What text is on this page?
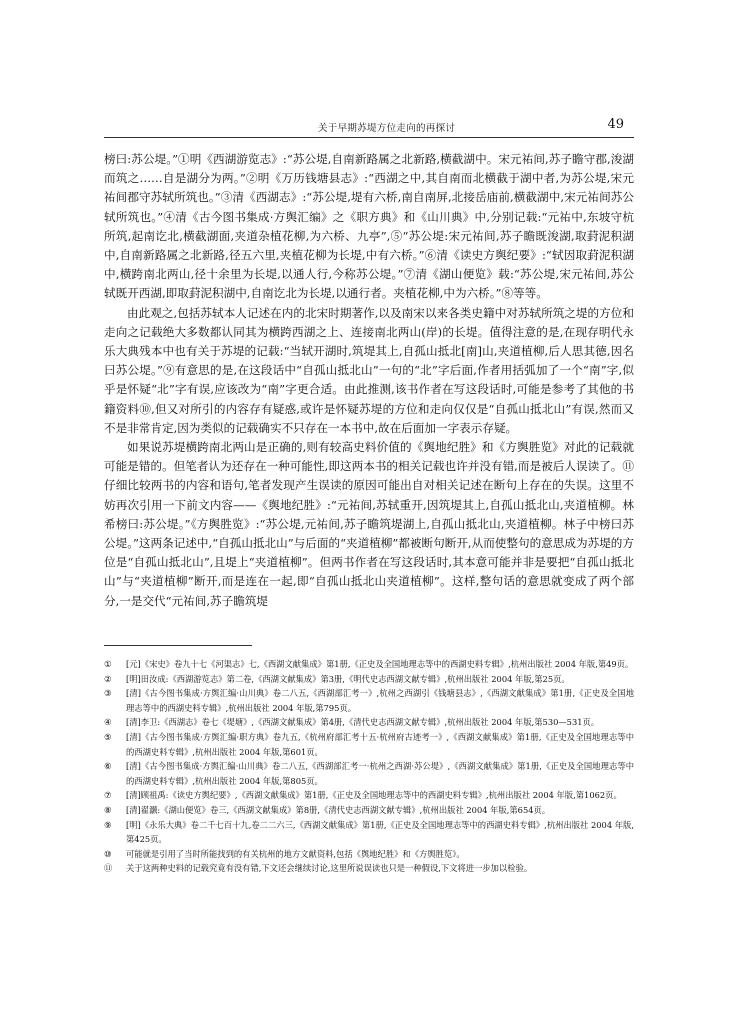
关于早期苏堤方位走向的再探讨	49

榜曰:苏公堤。”①明《西湖游览志》:“苏公堤,自南新路属之北新路,横截湖中。宋元祐间,苏子瞻守郡,浚湖而筑之……自是湖分为两。”②明《万历钱塘县志》:“西湖之中,其自南而北横截于湖中者,为苏公堤,宋元祐间郡守苏轼所筑也。”③清《西湖志》:“苏公堤,堤有六桥,南自南屏,北接岳庙前,横截湖中,宋元祐间苏公轼所筑也。”④清《古今图书集成·方舆汇编》之《职方典》和《山川典》中,分别记载:“元祐中,东坡守杭所筑,起南讫北,横截湖面,夹道杂植花柳,为六桥、九亭”,⑤“苏公堤:宋元祐间,苏子瞻既浚湖,取葑泥积湖中,自南新路属之北新路,径五六里,夹植花柳为长堤,中有六桥。”⑥清《读史方舆纪要》:“轼因取葑泥积湖中,横跨南北两山,径十余里为长堤,以通人行,今称苏公堤。”⑦清《湖山便览》载:“苏公堤,宋元祐间,苏公轼既开西湖,即取葑泥积湖中,自南讫北为长堤,以通行者。夹植花柳,中为六桥。”⑧等等。

由此观之,包括苏轼本人记述在内的北宋时期著作,以及南宋以来各类史籍中对苏轼所筑之堤的方位和走向之记载绝大多数都认同其为横跨西湖之上、连接南北两山(岸)的长堤。值得注意的是,在现存明代永乐大典残本中也有关于苏堤的记载:“当轼开湖时,筑堤其上,自孤山抵北[南]山,夹道植柳,后人思其德,因名曰苏公堤。”⑨有意思的是,在这段话中“自孤山抵北山”一句的“北”字后面,作者用括弧加了一个“南”字,似乎是怀疑“北”字有误,应该改为“南”字更合适。由此推测,该书作者在写这段话时,可能是参考了其他的书籍资料⑩,但又对所引的内容存有疑惑,或许是怀疑苏堤的方位和走向仅仅是“自孤山抵北山”有误,然而又不是非常肯定,因为类似的记载确实不只存在一本书中,故在后面加一字表示存疑。

如果说苏堤横跨南北两山是正确的,则有较高史料价值的《舆地纪胜》和《方舆胜览》对此的记载就可能是错的。但笔者认为还存在一种可能性,即这两本书的相关记载也许并没有错,而是被后人误读了。⑪ 仔细比较两书的内容和语句,笔者发现产生误读的原因可能出自对相关记述在断句上存在的失误。这里不妨再次引用一下前文内容——《舆地纪胜》:“元祐间,苏轼重开,因筑堤其上,自孤山抵北山,夹道植柳。林希榜曰:苏公堤。”《方舆胜览》:“苏公堤,元祐间,苏子瞻筑堤湖上,自孤山抵北山,夹道植柳。林子中榜曰苏公堤。”这两条记述中,“自孤山抵北山”与后面的“夹道植柳”都被断句断开,从而使整句的意思成为苏堤的方位是“自孤山抵北山”,且堤上“夹道植柳”。但两书作者在写这段话时,其本意可能并非是要把“自孤山抵北山”与“夹道植柳”断开,而是连在一起,即“自孤山抵北山夹道植柳”。这样,整句话的意思就变成了两个部分,一是交代“元祐间,苏子瞻筑堤

①	[元]《宋史》卷九十七《河渠志》七,《西湖文献集成》第1册,《正史及全国地理志等中的西湖史料专辑》,杭州出版社 2004 年版,第49页。
②	[明]田汝成:《西湖游览志》第二卷,《西湖文献集成》第3册,《明代史志西湖文献专辑》,杭州出版社 2004 年版,第25页。
③	[清]《古今图书集成·方舆汇编·山川典》卷二八五,《西湖部汇考一》,杭州之西湖引《钱塘县志》,《西湖文献集成》第1册,《正史及全国地理志等中的西湖史料专辑》,杭州出版社 2004 年版,第795页。
④	[清]李卫:《西湖志》卷七《堤塘》,《西湖文献集成》第4册,《清代史志西湖文献专辑》,杭州出版社 2004 年版,第530—531页。
⑤	[清]《古今图书集成·方舆汇编·职方典》卷九五,《杭州府部汇考十五·杭州府古迹考一》,《西湖文献集成》第1册,《正史及全国地理志等中的西湖史料专辑》,杭州出版社 2004 年版,第601页。
⑥	[清]《古今图书集成·方舆汇编·山川典》卷二八五,《西湖部汇考一·杭州之西湖·苏公堤》,《西湖文献集成》第1册,《正史及全国地理志等中的西湖史料专辑》,杭州出版社 2004 年版,第805页。
⑦	[清]顾祖禹:《读史方舆纪要》,《西湖文献集成》第1册,《正史及全国地理志等中的西湖史料专辑》,杭州出版社 2004 年版,第1062页。
⑧	[清]翟灏:《湖山便览》卷三,《西湖文献集成》第8册,《清代史志西湖文献专辑》,杭州出版社 2004 年版,第654页。
⑨	[明]《永乐大典》卷二千七百十九,卷二二六三,《西湖文献集成》第1册,《正史及全国地理志等中的西湖史料专辑》,杭州出版社 2004 年版,第425页。
⑩	可能就是引用了当时所能找到的有关杭州的地方文献资料,包括《舆地纪胜》和《方舆胜览》。
⑪	关于这两种史料的记载究竟有没有错,下文还会继续讨论,这里所说误读也只是一种假设,下文将进一步加以检验。
